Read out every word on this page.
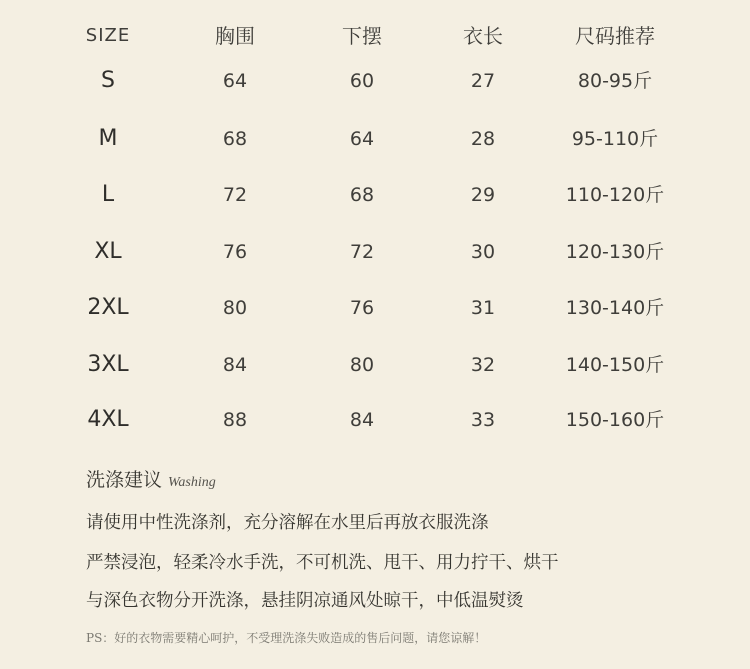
SIZE	胸围	下摆	衣长	尺码推荐
S	64	60	27	80-95斤
M	68	64	28	95-110斤
L	72	68	29	110-120斤
XL	76	72	30	120-130斤
2XL	80	76	31	130-140斤
3XL	84	80	32	140-150斤
4XL	88	84	33	150-160斤
洗涤建议 Washing
请使用中性洗涤剂，充分溶解在水里后再放衣服洗涤
严禁浸泡，轻柔冷水手洗，不可机洗、甩干、用力拧干、烘干
与深色衣物分开洗涤，悬挂阴凉通风处晾干，中低温熨烫
PS：好的衣物需要精心呵护，不受理洗涤失败造成的售后问题，请您谅解！
